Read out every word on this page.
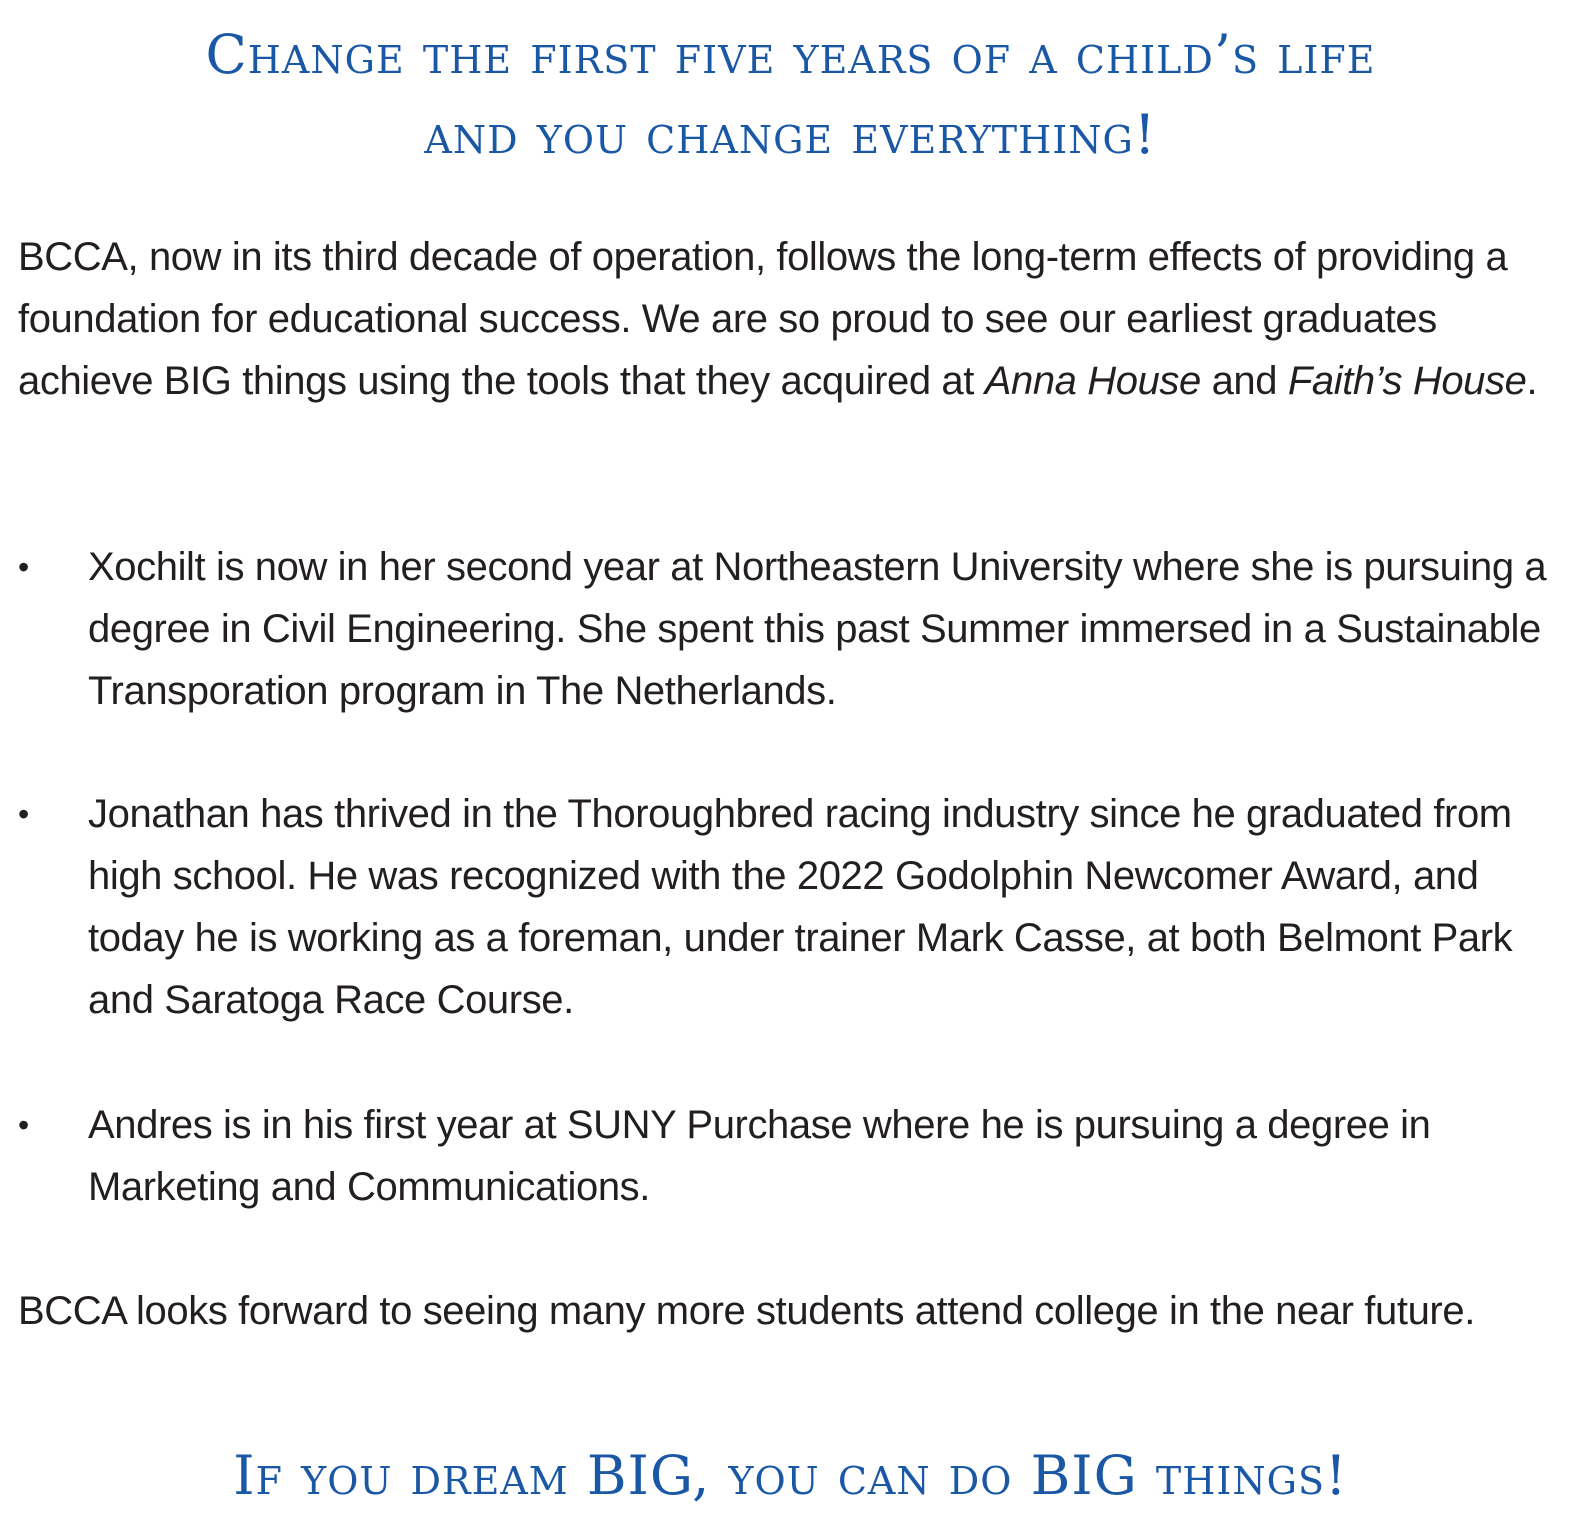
Change the first five years of a child’s life
and you change everything!

BCCA, now in its third decade of operation, follows the long-term effects of providing a foundation for educational success. We are so proud to see our earliest graduates achieve BIG things using the tools that they acquired at Anna House and Faith’s House.

• Xochilt is now in her second year at Northeastern University where she is pursuing a degree in Civil Engineering. She spent this past Summer immersed in a Sustainable Transporation program in The Netherlands.

• Jonathan has thrived in the Thoroughbred racing industry since he graduated from high school. He was recognized with the 2022 Godolphin Newcomer Award, and today he is working as a foreman, under trainer Mark Casse, at both Belmont Park and Saratoga Race Course.

• Andres is in his first year at SUNY Purchase where he is pursuing a degree in Marketing and Communications.

BCCA looks forward to seeing many more students attend college in the near future.

If you dream BIG, you can do BIG things!
